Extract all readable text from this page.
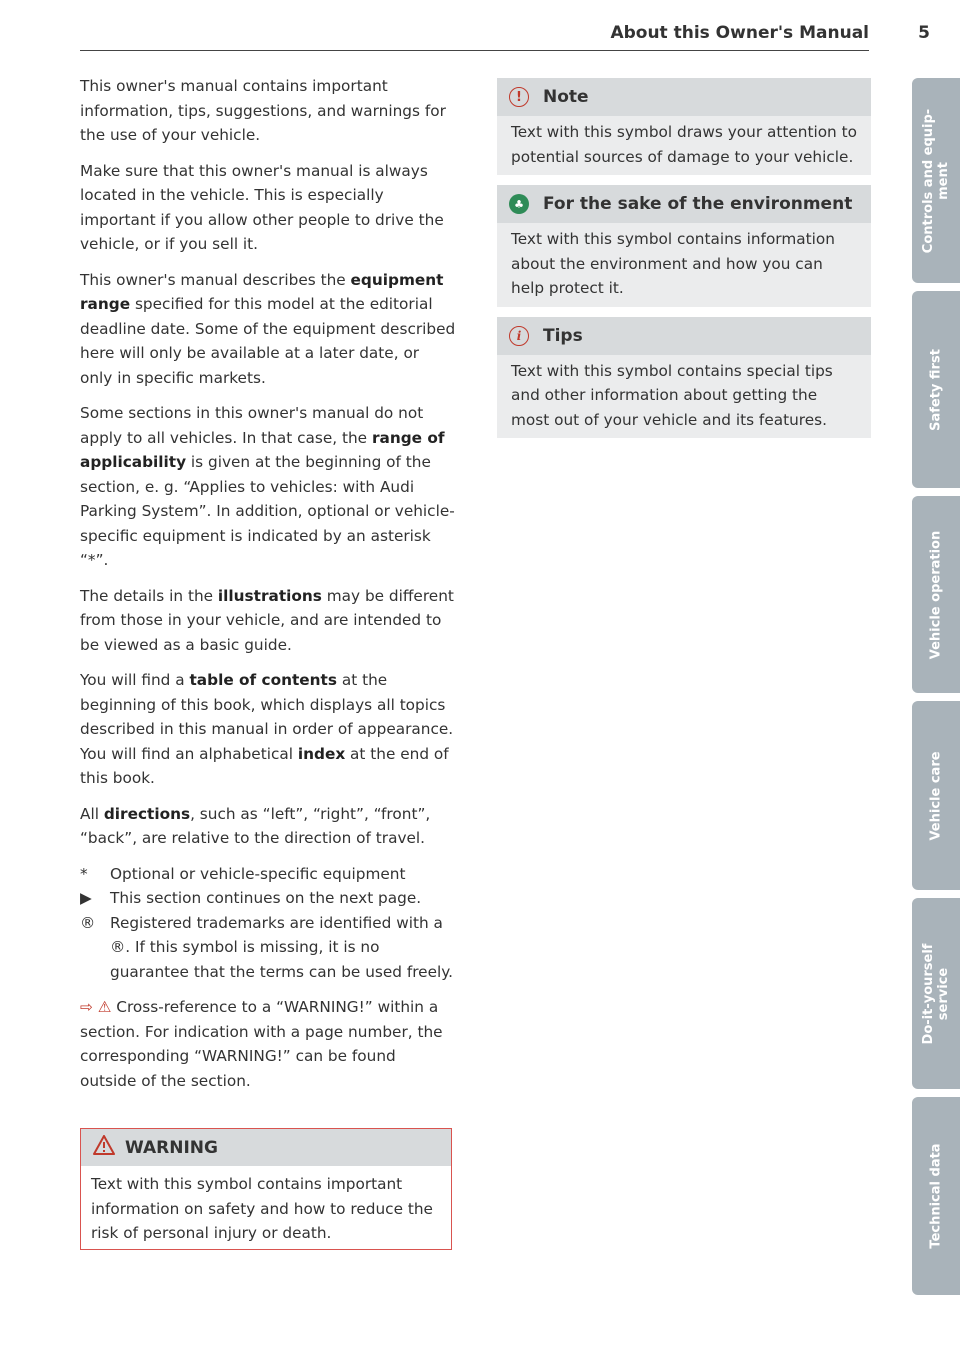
About this Owner's Manual	5

This owner's manual contains important information, tips, suggestions, and warnings for the use of your vehicle.

Make sure that this owner's manual is always located in the vehicle. This is especially important if you allow other people to drive the vehicle, or if you sell it.

This owner's manual describes the equipment range specified for this model at the editorial deadline date. Some of the equipment described here will only be available at a later date, or only in specific markets.

Some sections in this owner's manual do not apply to all vehicles. In that case, the range of applicability is given at the beginning of the section, e. g. “Applies to vehicles: with Audi Parking System”. In addition, optional or vehicle-specific equipment is indicated by an asterisk “*”.

The details in the illustrations may be different from those in your vehicle, and are intended to be viewed as a basic guide.

You will find a table of contents at the beginning of this book, which displays all topics described in this manual in order of appearance. You will find an alphabetical index at the end of this book.

All directions, such as “left”, “right”, “front”, “back”, are relative to the direction of travel.

*	Optional or vehicle-specific equipment
▶	This section continues on the next page.
® Registered trademarks are identified with a ®. If this symbol is missing, it is no guarantee that the terms can be used freely.

⇨ ⚠ Cross-reference to a “WARNING!” within a section. For indication with a page number, the corresponding “WARNING!” can be found outside of the section.

WARNING
Text with this symbol contains important information on safety and how to reduce the risk of personal injury or death.
!	Note
Text with this symbol draws your attention to potential sources of damage to your vehicle.
♣ For the sake of the environment
Text with this symbol contains information about the environment and how you can help protect it.
i	Tips
Text with this symbol contains special tips and other information about getting the most out of your vehicle and its features.
Controls and equip-
ment
Safety first
Vehicle operation
Vehicle care
Do-it-yourself
service
Technical data
